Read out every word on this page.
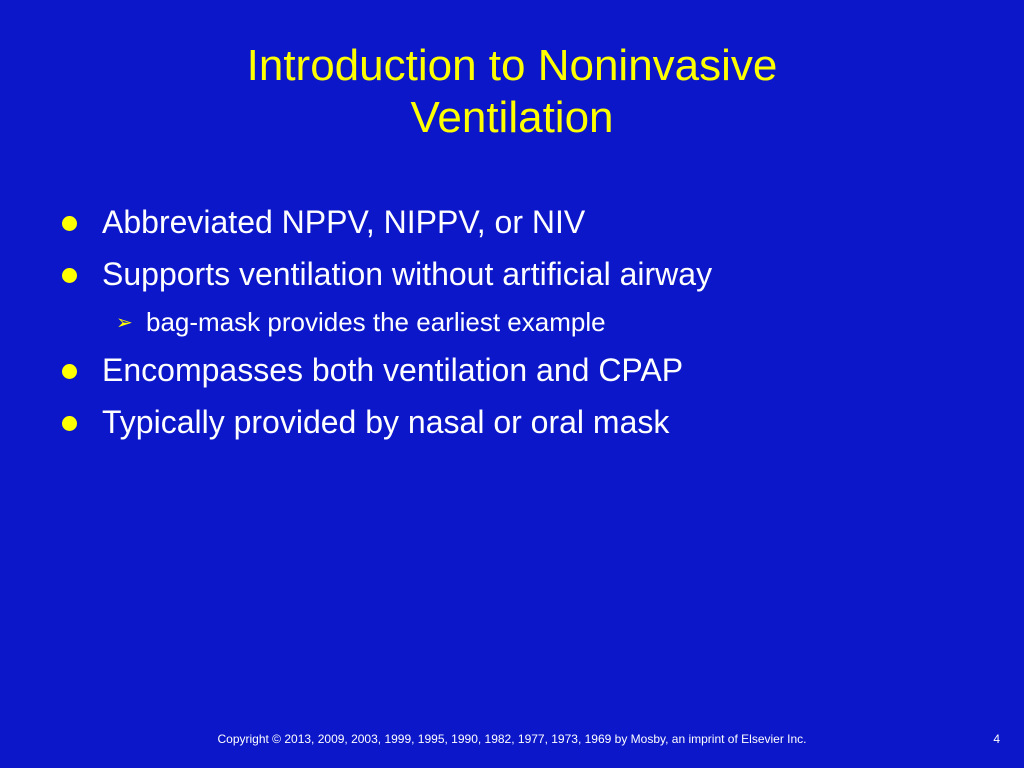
Introduction to Noninvasive
Ventilation
Abbreviated NPPV, NIPPV, or NIV
Supports ventilation without artificial airway
➢ bag-mask provides the earliest example
Encompasses both ventilation and CPAP
Typically provided by nasal or oral mask
Copyright © 2013, 2009, 2003, 1999, 1995, 1990, 1982, 1977, 1973, 1969 by Mosby, an imprint of Elsevier Inc.	4
